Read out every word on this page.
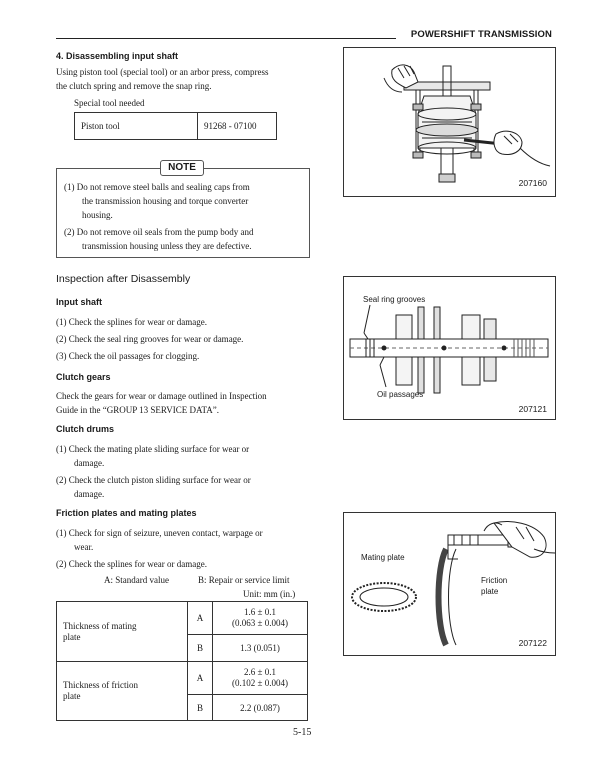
POWERSHIFT TRANSMISSION
4. Disassembling input shaft
Using piston tool (special tool) or an arbor press, compress
the clutch spring and remove the snap ring.
Special tool needed
Piston tool	91268 - 07100
NOTE
(1) Do not remove steel balls and sealing caps from
the transmission housing and torque converter
housing.
(2) Do not remove oil seals from the pump body and
transmission housing unless they are defective.
Inspection after Disassembly
Input shaft
(1) Check the splines for wear or damage.
(2) Check the seal ring grooves for wear or damage.
(3) Check the oil passages for clogging.
Clutch gears
Check the gears for wear or damage outlined in Inspection
Guide in the “GROUP 13 SERVICE DATA”.
Clutch drums
(1) Check the mating plate sliding surface for wear or
damage.
(2) Check the clutch piston sliding surface for wear or
damage.
Friction plates and mating plates
(1) Check for sign of seizure, uneven contact, warpage or
wear.
(2) Check the splines for wear or damage.
A: Standard value	B: Repair or service limit
Unit: mm (in.)
Thickness of mating
plate	A	1.6 ± 0.1
(0.063 ± 0.004)
	B	1.3 (0.051)
Thickness of friction
plate	A	2.6 ± 0.1
(0.102 ± 0.004)
	B	2.2 (0.087)
207160
Seal ring grooves
Oil passages
207121
Mating plate
Friction
plate
207122
5-15
